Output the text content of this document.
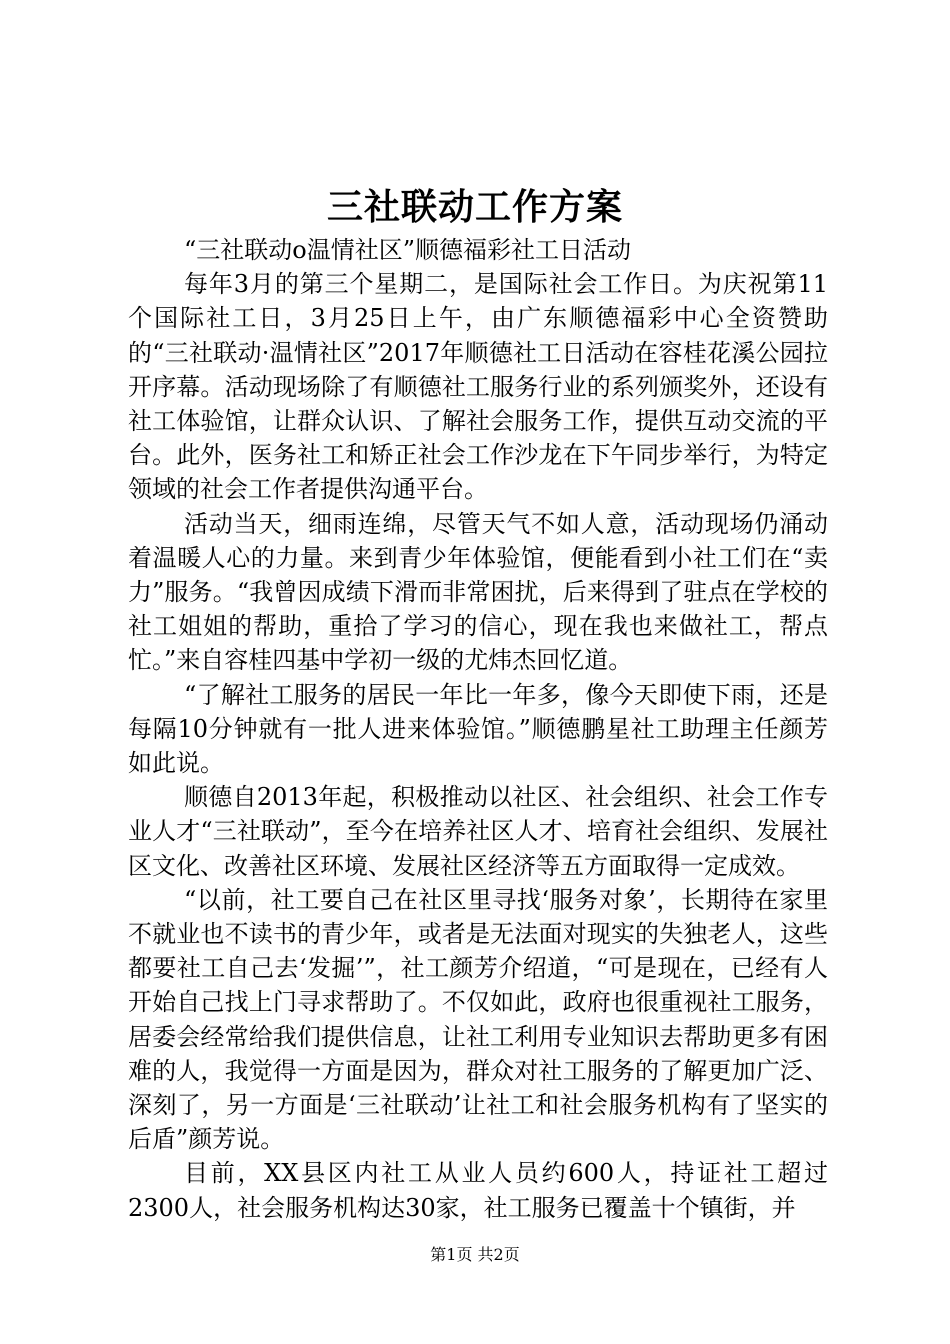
三社联动工作方案

“三社联动o温情社区”顺德福彩社工日活动

每年3月的第三个星期二，是国际社会工作日。为庆祝第11个国际社工日，3月25日上午，由广东顺德福彩中心全资赞助的“三社联动·温情社区”2017年顺德社工日活动在容桂花溪公园拉开序幕。活动现场除了有顺德社工服务行业的系列颁奖外，还设有社工体验馆，让群众认识、了解社会服务工作，提供互动交流的平台。此外，医务社工和矫正社会工作沙龙在下午同步举行，为特定领域的社会工作者提供沟通平台。

活动当天，细雨连绵，尽管天气不如人意，活动现场仍涌动着温暖人心的力量。来到青少年体验馆，便能看到小社工们在“卖力”服务。“我曾因成绩下滑而非常困扰，后来得到了驻点在学校的社工姐姐的帮助，重拾了学习的信心，现在我也来做社工，帮点忙。”来自容桂四基中学初一级的尤炜杰回忆道。

“了解社工服务的居民一年比一年多，像今天即使下雨，还是每隔10分钟就有一批人进来体验馆。”顺德鹏星社工助理主任颜芳如此说。

顺德自2013年起，积极推动以社区、社会组织、社会工作专业人才“三社联动”，至今在培养社区人才、培育社会组织、发展社区文化、改善社区环境、发展社区经济等五方面取得一定成效。

“以前，社工要自己在社区里寻找‘服务对象’，长期待在家里不就业也不读书的青少年，或者是无法面对现实的失独老人，这些都要社工自己去‘发掘’”，社工颜芳介绍道，“可是现在，已经有人开始自己找上门寻求帮助了。不仅如此，政府也很重视社工服务，居委会经常给我们提供信息，让社工利用专业知识去帮助更多有困难的人，我觉得一方面是因为，群众对社工服务的了解更加广泛、深刻了，另一方面是‘三社联动’让社工和社会服务机构有了坚实的后盾”颜芳说。

目前，XX县区内社工从业人员约600人，持证社工超过2300人，社会服务机构达30家，社工服务已覆盖十个镇街，并

第1页 共2页
